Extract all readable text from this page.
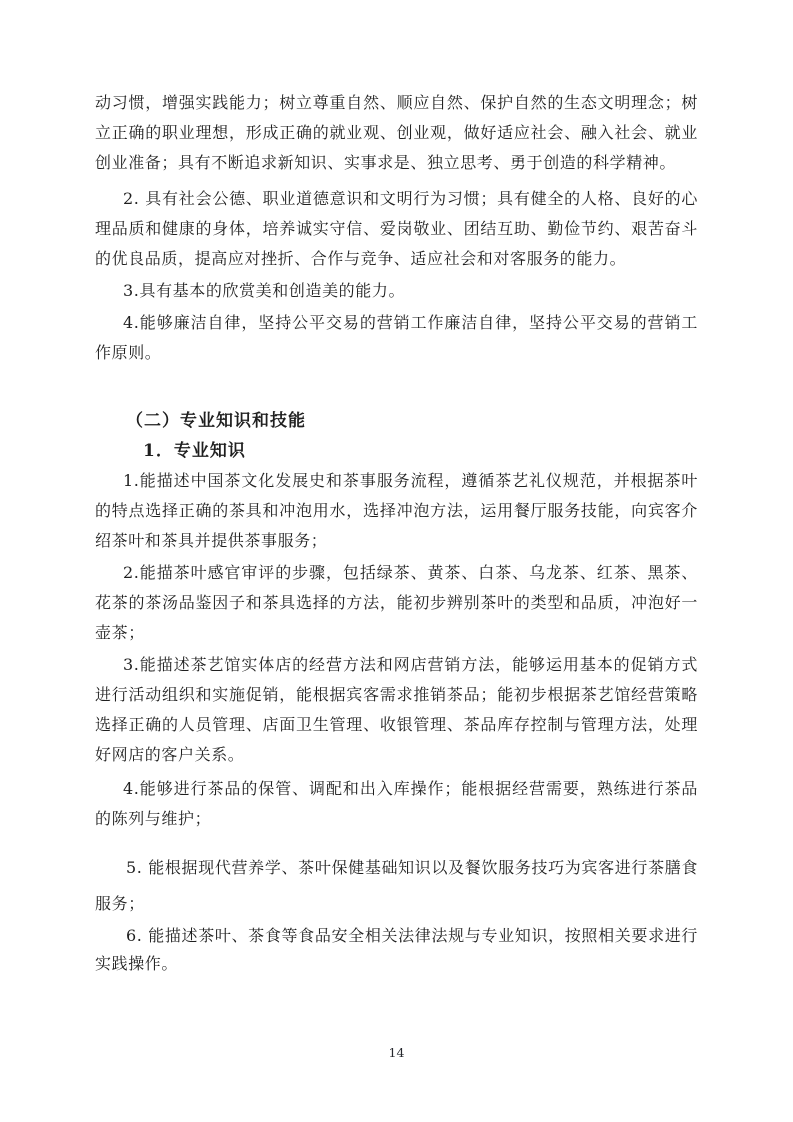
动习惯，增强实践能力；树立尊重自然、顺应自然、保护自然的生态文明理念；树立正确的职业理想，形成正确的就业观、创业观，做好适应社会、融入社会、就业创业准备；具有不断追求新知识、实事求是、独立思考、勇于创造的科学精神。

2. 具有社会公德、职业道德意识和文明行为习惯；具有健全的人格、良好的心理品质和健康的身体，培养诚实守信、爱岗敬业、团结互助、勤俭节约、艰苦奋斗的优良品质，提高应对挫折、合作与竞争、适应社会和对客服务的能力。

3.具有基本的欣赏美和创造美的能力。

4.能够廉洁自律，坚持公平交易的营销工作廉洁自律，坚持公平交易的营销工作原则。

（二）专业知识和技能
1．专业知识

1.能描述中国茶文化发展史和茶事服务流程，遵循茶艺礼仪规范，并根据茶叶的特点选择正确的茶具和冲泡用水，选择冲泡方法，运用餐厅服务技能，向宾客介绍茶叶和茶具并提供茶事服务；

2.能描茶叶感官审评的步骤，包括绿茶、黄茶、白茶、乌龙茶、红茶、黑茶、花茶的茶汤品鉴因子和茶具选择的方法，能初步辨别茶叶的类型和品质，冲泡好一壶茶；

3.能描述茶艺馆实体店的经营方法和网店营销方法，能够运用基本的促销方式进行活动组织和实施促销，能根据宾客需求推销茶品；能初步根据茶艺馆经营策略选择正确的人员管理、店面卫生管理、收银管理、茶品库存控制与管理方法，处理好网店的客户关系。

4.能够进行茶品的保管、调配和出入库操作；能根据经营需要，熟练进行茶品的陈列与维护；

5. 能根据现代营养学、茶叶保健基础知识以及餐饮服务技巧为宾客进行茶膳食服务；

6. 能描述茶叶、茶食等食品安全相关法律法规与专业知识，按照相关要求进行实践操作。

14
